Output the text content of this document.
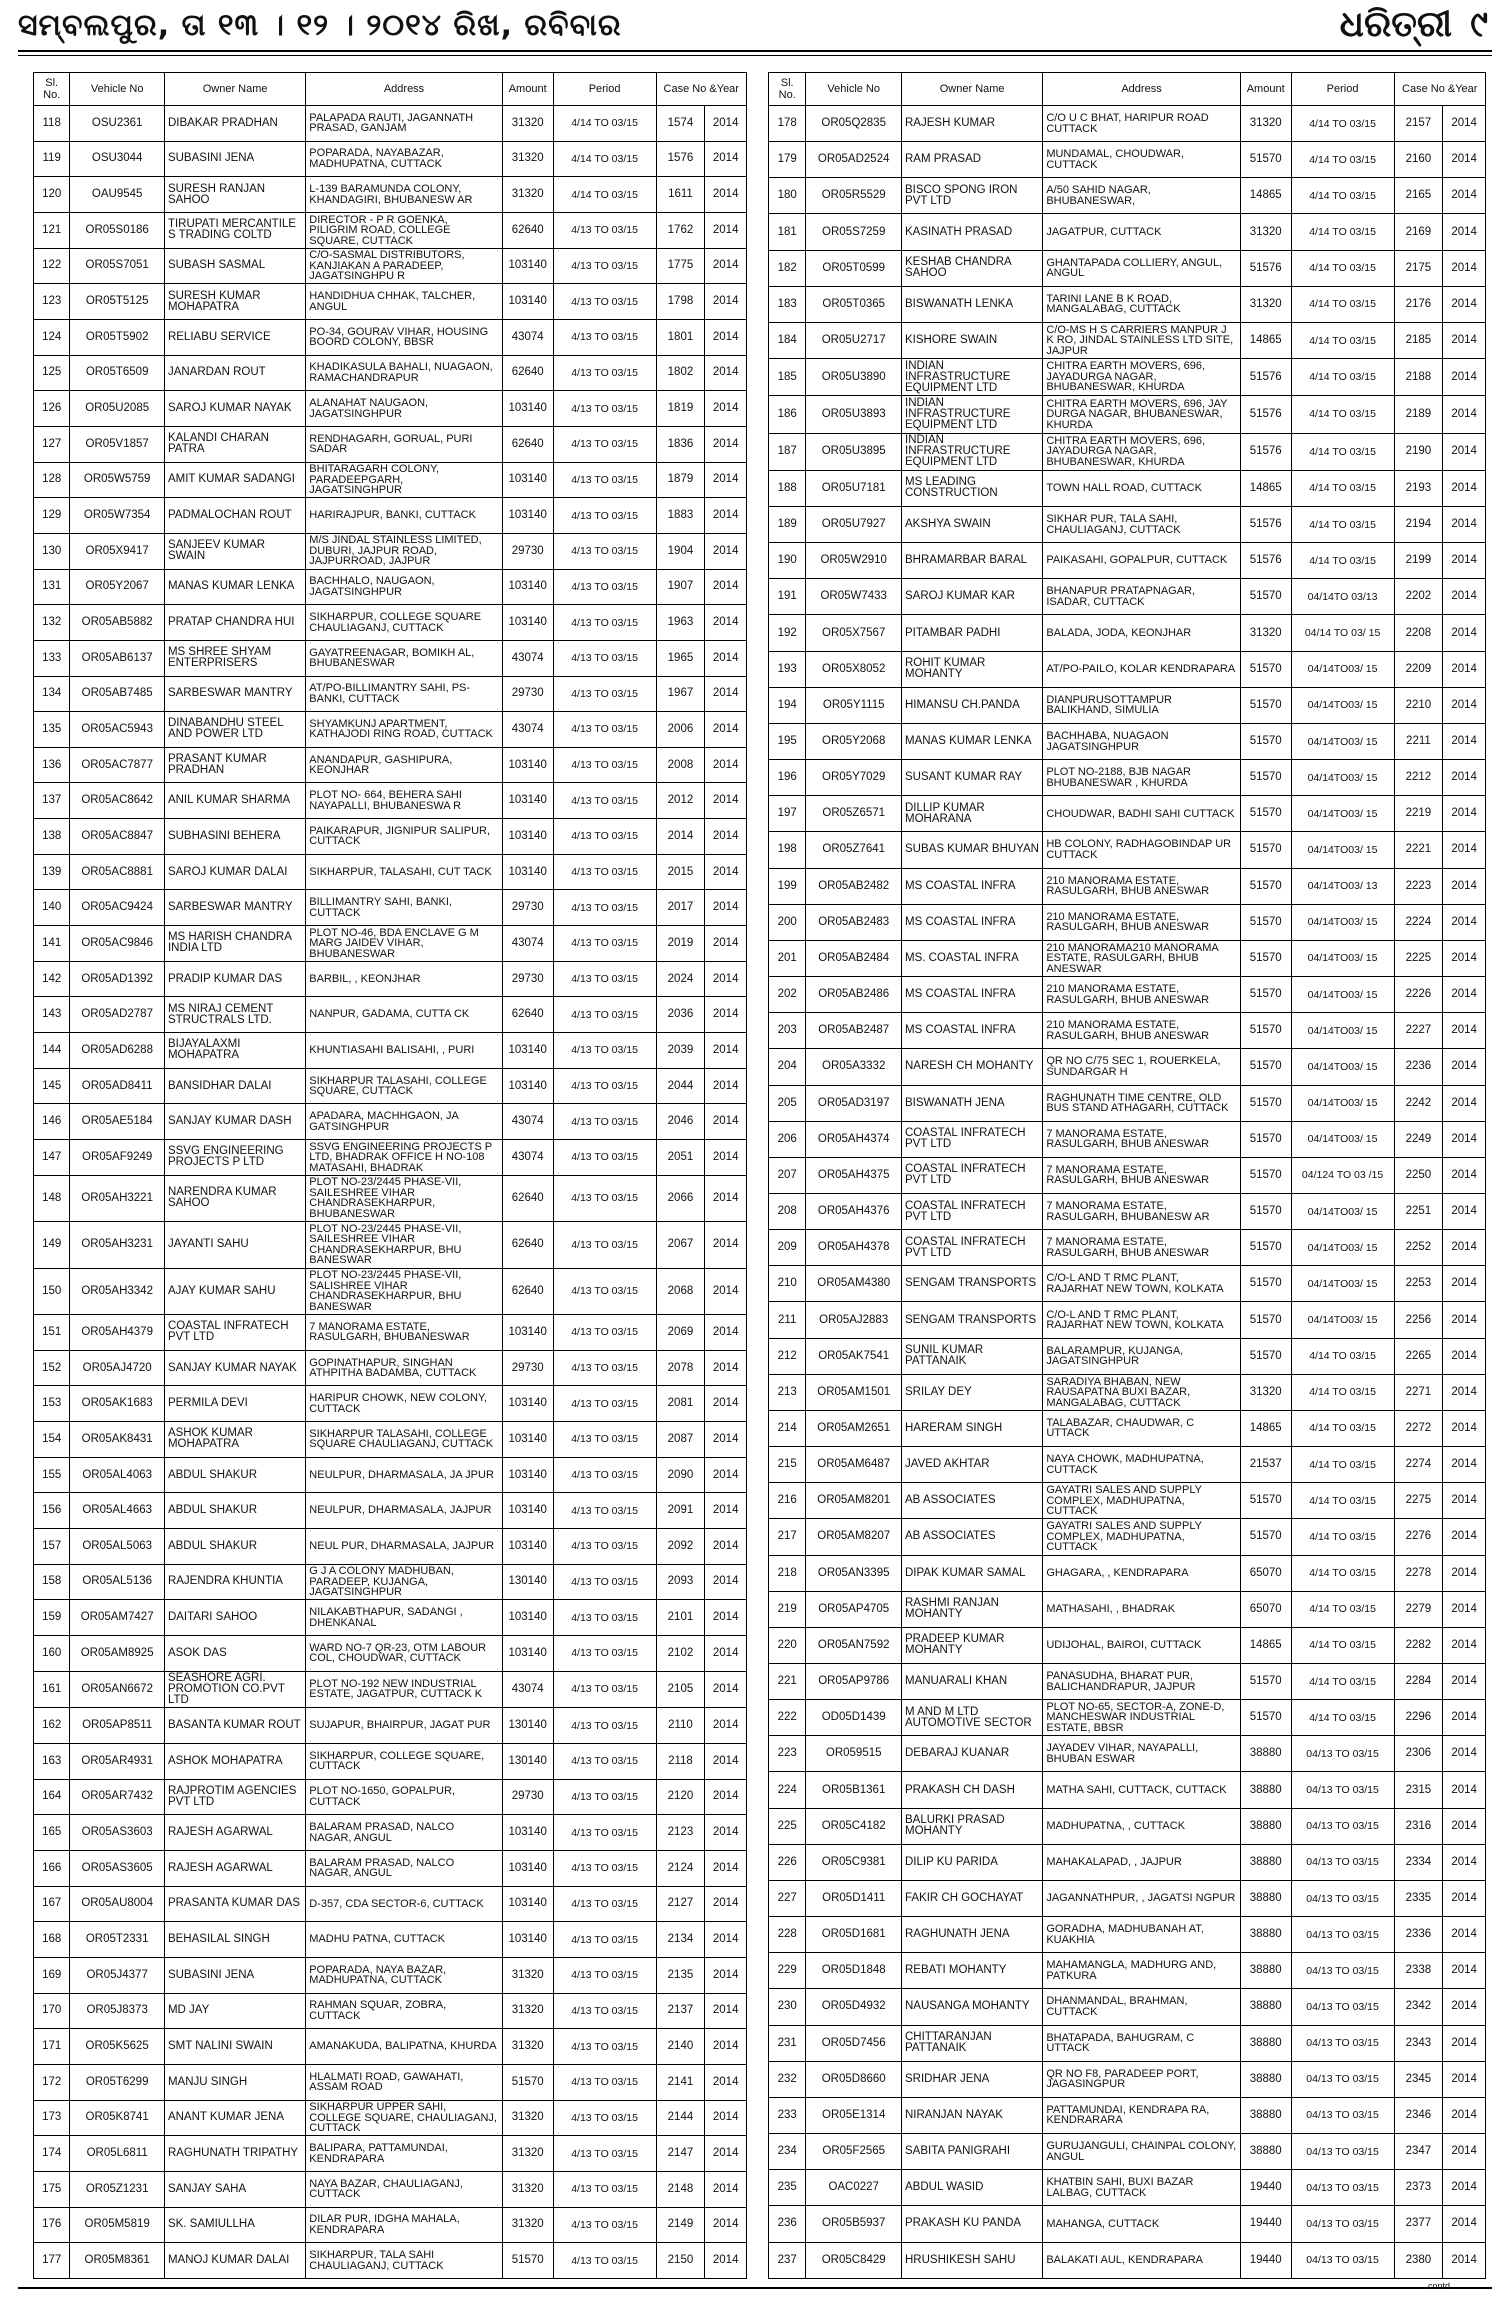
ସମ୍ବଲପୁର, ତା ୧୩ । ୧୨ । ୨୦୧୪ ରିଖ, ରବିବାର	ଧରିତ୍ରୀ ୯
Sl. No.	Vehicle No	Owner Name	Address	Amount	Period	Case No &Year	
118	OSU2361	DIBAKAR PRADHAN	PALAPADA RAUTI, JAGANNATH PRASAD, GANJAM	31320	4/14 TO 03/15	1574	2014
119	OSU3044	SUBASINI JENA	POPARADA, NAYABAZAR, MADHUPATNA, CUTTACK	31320	4/14 TO 03/15	1576	2014
120	OAU9545	SURESH RANJAN SAHOO	L-139 BARAMUNDA COLONY, KHANDAGIRI, BHUBANESW AR	31320	4/14 TO 03/15	1611	2014
121	OR05S0186	TIRUPATI MERCANTILE S TRADING COLTD	DIRECTOR - P R GOENKA, PILIGRIM ROAD, COLLEGE SQUARE, CUTTACK	62640	4/13 TO 03/15	1762	2014
122	OR05S7051	SUBASH SASMAL	C/O-SASMAL DISTRIBUTORS, KANJIAKAN A PARADEEP, JAGATSINGHPU R	103140	4/13 TO 03/15	1775	2014
123	OR05T5125	SURESH KUMAR MOHAPATRA	HANDIDHUA CHHAK, TALCHER, ANGUL	103140	4/13 TO 03/15	1798	2014
124	OR05T5902	RELIABU SERVICE	PO-34, GOURAV VIHAR, HOUSING BOORD COLONY, BBSR	43074	4/13 TO 03/15	1801	2014
125	OR05T6509	JANARDAN ROUT	KHADIKASULA BAHALI, NUAGAON, RAMACHANDRAPUR	62640	4/13 TO 03/15	1802	2014
126	OR05U2085	SAROJ KUMAR NAYAK	ALANAHAT NAUGAON, JAGATSINGHPUR	103140	4/13 TO 03/15	1819	2014
127	OR05V1857	KALANDI CHARAN PATRA	RENDHAGARH, GORUAL, PURI SADAR	62640	4/13 TO 03/15	1836	2014
128	OR05W5759	AMIT KUMAR SADANGI	BHITARAGARH COLONY, PARADEEPGARH, JAGATSINGHPUR	103140	4/13 TO 03/15	1879	2014
129	OR05W7354	PADMALOCHAN ROUT	HARIRAJPUR, BANKI, CUTTACK	103140	4/13 TO 03/15	1883	2014
130	OR05X9417	SANJEEV KUMAR SWAIN	M/S JINDAL STAINLESS LIMITED, DUBURI, JAJPUR ROAD, JAJPURROAD, JAJPUR	29730	4/13 TO 03/15	1904	2014
131	OR05Y2067	MANAS KUMAR LENKA	BACHHALO, NAUGAON, JAGATSINGHPUR	103140	4/13 TO 03/15	1907	2014
132	OR05AB5882	PRATAP CHANDRA HUI	SIKHARPUR, COLLEGE SQUARE CHAULIAGANJ, CUTTACK	103140	4/13 TO 03/15	1963	2014
133	OR05AB6137	MS SHREE SHYAM ENTERPRISERS	GAYATREENAGAR, BOMIKH AL, BHUBANESWAR	43074	4/13 TO 03/15	1965	2014
134	OR05AB7485	SARBESWAR MANTRY	AT/PO-BILLIMANTRY SAHI, PS-BANKI, CUTTACK	29730	4/13 TO 03/15	1967	2014
135	OR05AC5943	DINABANDHU STEEL AND POWER LTD	SHYAMKUNJ APARTMENT, KATHAJODI RING ROAD, CUTTACK	43074	4/13 TO 03/15	2006	2014
136	OR05AC7877	PRASANT KUMAR PRADHAN	ANANDAPUR, GASHIPURA, KEONJHAR	103140	4/13 TO 03/15	2008	2014
137	OR05AC8642	ANIL KUMAR SHARMA	PLOT NO- 664, BEHERA SAHI NAYAPALLI, BHUBANESWA R	103140	4/13 TO 03/15	2012	2014
138	OR05AC8847	SUBHASINI BEHERA	PAIKARAPUR, JIGNIPUR SALIPUR, CUTTACK	103140	4/13 TO 03/15	2014	2014
139	OR05AC8881	SAROJ KUMAR DALAI	SIKHARPUR, TALASAHI, CUT TACK	103140	4/13 TO 03/15	2015	2014
140	OR05AC9424	SARBESWAR MANTRY	BILLIMANTRY SAHI, BANKI, CUTTACK	29730	4/13 TO 03/15	2017	2014
141	OR05AC9846	MS HARISH CHANDRA INDIA LTD	PLOT NO-46, BDA ENCLAVE G M MARG JAIDEV VIHAR, BHUBANESWAR	43074	4/13 TO 03/15	2019	2014
142	OR05AD1392	PRADIP KUMAR DAS	BARBIL, , KEONJHAR	29730	4/13 TO 03/15	2024	2014
143	OR05AD2787	MS NIRAJ CEMENT STRUCTRALS LTD.	NANPUR, GADAMA, CUTTA CK	62640	4/13 TO 03/15	2036	2014
144	OR05AD6288	BIJAYALAXMI MOHAPATRA	KHUNTIASAHI BALISAHI, , PURI	103140	4/13 TO 03/15	2039	2014
145	OR05AD8411	BANSIDHAR DALAI	SIKHARPUR TALASAHI, COLLEGE SQUARE, CUTTACK	103140	4/13 TO 03/15	2044	2014
146	OR05AE5184	SANJAY KUMAR DASH	APADARA, MACHHGAON, JA GATSINGHPUR	43074	4/13 TO 03/15	2046	2014
147	OR05AF9249	SSVG ENGINEERING PROJECTS P LTD	SSVG ENGINEERING PROJECTS P LTD, BHADRAK OFFICE H NO-108 MATASAHI, BHADRAK	43074	4/13 TO 03/15	2051	2014
148	OR05AH3221	NARENDRA KUMAR SAHOO	PLOT NO-23/2445 PHASE-VII, SAILESHREE VIHAR CHANDRASEKHARPUR, BHUBANESWAR	62640	4/13 TO 03/15	2066	2014
149	OR05AH3231	JAYANTI SAHU	PLOT NO-23/2445 PHASE-VII, SAILESHREE VIHAR CHANDRASEKHARPUR, BHU BANESWAR	62640	4/13 TO 03/15	2067	2014
150	OR05AH3342	AJAY KUMAR SAHU	PLOT NO-23/2445 PHASE-VII, SALISHREE VIHAR CHANDRASEKHARPUR, BHU BANESWAR	62640	4/13 TO 03/15	2068	2014
151	OR05AH4379	COASTAL INFRATECH PVT LTD	7 MANORAMA ESTATE, RASULGARH, BHUBANESWAR	103140	4/13 TO 03/15	2069	2014
152	OR05AJ4720	SANJAY KUMAR NAYAK	GOPINATHAPUR, SINGHAN ATHPITHA BADAMBA, CUTTACK	29730	4/13 TO 03/15	2078	2014
153	OR05AK1683	PERMILA DEVI	HARIPUR CHOWK, NEW COLONY, CUTTACK	103140	4/13 TO 03/15	2081	2014
154	OR05AK8431	ASHOK KUMAR MOHAPATRA	SIKHARPUR TALASAHI, COLLEGE SQUARE CHAULIAGANJ, CUTTACK	103140	4/13 TO 03/15	2087	2014
155	OR05AL4063	ABDUL SHAKUR	NEULPUR, DHARMASALA, JA JPUR	103140	4/13 TO 03/15	2090	2014
156	OR05AL4663	ABDUL SHAKUR	NEULPUR, DHARMASALA, JAJPUR	103140	4/13 TO 03/15	2091	2014
157	OR05AL5063	ABDUL SHAKUR	NEUL PUR, DHARMASALA, JAJPUR	103140	4/13 TO 03/15	2092	2014
158	OR05AL5136	RAJENDRA KHUNTIA	G J A COLONY MADHUBAN, PARADEEP, KUJANGA, JAGATSINGHPUR	130140	4/13 TO 03/15	2093	2014
159	OR05AM7427	DAITARI SAHOO	NILAKABTHAPUR, SADANGI , DHENKANAL	103140	4/13 TO 03/15	2101	2014
160	OR05AM8925	ASOK DAS	WARD NO-7 QR-23, OTM LABOUR COL, CHOUDWAR, CUTTACK	103140	4/13 TO 03/15	2102	2014
161	OR05AN6672	SEASHORE AGRI. PROMOTION CO.PVT LTD	PLOT NO-192 NEW INDUSTRIAL ESTATE, JAGATPUR, CUTTACK K	43074	4/13 TO 03/15	2105	2014
162	OR05AP8511	BASANTA KUMAR ROUT	SUJAPUR, BHAIRPUR, JAGAT PUR	130140	4/13 TO 03/15	2110	2014
163	OR05AR4931	ASHOK MOHAPATRA	SIKHARPUR, COLLEGE SQUARE, CUTTACK	130140	4/13 TO 03/15	2118	2014
164	OR05AR7432	RAJPROTIM AGENCIES PVT LTD	PLOT NO-1650, GOPALPUR, CUTTACK	29730	4/13 TO 03/15	2120	2014
165	OR05AS3603	RAJESH AGARWAL	BALARAM PRASAD, NALCO NAGAR, ANGUL	103140	4/13 TO 03/15	2123	2014
166	OR05AS3605	RAJESH AGARWAL	BALARAM PRASAD, NALCO NAGAR, ANGUL	103140	4/13 TO 03/15	2124	2014
167	OR05AU8004	PRASANTA KUMAR DAS	D-357, CDA SECTOR-6, CUTTACK	103140	4/13 TO 03/15	2127	2014
168	OR05T2331	BEHASILAL SINGH	MADHU PATNA, CUTTACK	103140	4/13 TO 03/15	2134	2014
169	OR05J4377	SUBASINI JENA	POPARADA, NAYA BAZAR, MADHUPATNA, CUTTACK	31320	4/13 TO 03/15	2135	2014
170	OR05J8373	MD JAY	RAHMAN SQUAR, ZOBRA, CUTTACK	31320	4/13 TO 03/15	2137	2014
171	OR05K5625	SMT NALINI SWAIN	AMANAKUDA, BALIPATNA, KHURDA	31320	4/13 TO 03/15	2140	2014
172	OR05T6299	MANJU SINGH	HLALMATI ROAD, GAWAHATI, ASSAM ROAD	51570	4/13 TO 03/15	2141	2014
173	OR05K8741	ANANT KUMAR JENA	SIKHARPUR UPPER SAHI, COLLEGE SQUARE, CHAULIAGANJ, CUTTACK	31320	4/13 TO 03/15	2144	2014
174	OR05L6811	RAGHUNATH TRIPATHY	BALIPARA, PATTAMUNDAI, KENDRAPARA	31320	4/13 TO 03/15	2147	2014
175	OR05Z1231	SANJAY SAHA	NAYA BAZAR, CHAULIAGANJ, CUTTACK	31320	4/13 TO 03/15	2148	2014
176	OR05M5819	SK. SAMIULLHA	DILAR PUR, IDGHA MAHALA, KENDRAPARA	31320	4/13 TO 03/15	2149	2014
177	OR05M8361	MANOJ KUMAR DALAI	SIKHARPUR, TALA SAHI CHAULIAGANJ, CUTTACK	51570	4/13 TO 03/15	2150	2014
Sl. No.	Vehicle No	Owner Name	Address	Amount	Period	Case No &Year	
178	OR05Q2835	RAJESH KUMAR	C/O U C BHAT, HARIPUR ROAD CUTTACK	31320	4/14 TO 03/15	2157	2014
179	OR05AD2524	RAM PRASAD	MUNDAMAL, CHOUDWAR, CUTTACK	51570	4/14 TO 03/15	2160	2014
180	OR05R5529	BISCO SPONG IRON PVT LTD	A/50 SAHID NAGAR, BHUBANESWAR,	14865	4/14 TO 03/15	2165	2014
181	OR05S7259	KASINATH PRASAD	JAGATPUR, CUTTACK	31320	4/14 TO 03/15	2169	2014
182	OR05T0599	KESHAB CHANDRA SAHOO	GHANTAPADA COLLIERY, ANGUL, ANGUL	51576	4/14 TO 03/15	2175	2014
183	OR05T0365	BISWANATH LENKA	TARINI LANE B K ROAD, MANGALABAG, CUTTACK	31320	4/14 TO 03/15	2176	2014
184	OR05U2717	KISHORE SWAIN	C/O-MS H S CARRIERS MANPUR J K RO, JINDAL STAINLESS LTD SITE, JAJPUR	14865	4/14 TO 03/15	2185	2014
185	OR05U3890	INDIAN INFRASTRUCTURE EQUIPMENT LTD	CHITRA EARTH MOVERS, 696, JAYADURGA NAGAR, BHUBANESWAR, KHURDA	51576	4/14 TO 03/15	2188	2014
186	OR05U3893	INDIAN INFRASTRUCTURE EQUIPMENT LTD	CHITRA EARTH MOVERS, 696, JAY DURGA NAGAR, BHUBANESWAR, KHURDA	51576	4/14 TO 03/15	2189	2014
187	OR05U3895	INDIAN INFRASTRUCTURE EQUIPMENT LTD	CHITRA EARTH MOVERS, 696, JAYADURGA NAGAR, BHUBANESWAR, KHURDA	51576	4/14 TO 03/15	2190	2014
188	OR05U7181	MS LEADING CONSTRUCTION	TOWN HALL ROAD, CUTTACK	14865	4/14 TO 03/15	2193	2014
189	OR05U7927	AKSHYA SWAIN	SIKHAR PUR, TALA SAHI, CHAULIAGANJ, CUTTACK	51576	4/14 TO 03/15	2194	2014
190	OR05W2910	BHRAMARBAR BARAL	PAIKASAHI, GOPALPUR, CUTTACK	51576	4/14 TO 03/15	2199	2014
191	OR05W7433	SAROJ KUMAR KAR	BHANAPUR PRATAPNAGAR, ISADAR, CUTTACK	51570	04/14TO 03/13	2202	2014
192	OR05X7567	PITAMBAR PADHI	BALADA, JODA, KEONJHAR	31320	04/14 TO 03/ 15	2208	2014
193	OR05X8052	ROHIT KUMAR MOHANTY	AT/PO-PAILO, KOLAR KENDRAPARA	51570	04/14TO03/ 15	2209	2014
194	OR05Y1115	HIMANSU CH.PANDA	DIANPURUSOTTAMPUR BALIKHAND, SIMULIA	51570	04/14TO03/ 15	2210	2014
195	OR05Y2068	MANAS KUMAR LENKA	BACHHABA, NUAGAON JAGATSINGHPUR	51570	04/14TO03/ 15	2211	2014
196	OR05Y7029	SUSANT KUMAR RAY	PLOT NO-2188, BJB NAGAR BHUBANESWAR , KHURDA	51570	04/14TO03/ 15	2212	2014
197	OR05Z6571	DILLIP KUMAR MOHARANA	CHOUDWAR, BADHI SAHI CUTTACK	51570	04/14TO03/ 15	2219	2014
198	OR05Z7641	SUBAS KUMAR BHUYAN	HB COLONY, RADHAGOBINDAP UR CUTTACK	51570	04/14TO03/ 15	2221	2014
199	OR05AB2482	MS COASTAL INFRA	210 MANORAMA ESTATE, RASULGARH, BHUB ANESWAR	51570	04/14TO03/ 13	2223	2014
200	OR05AB2483	MS COASTAL INFRA	210 MANORAMA ESTATE, RASULGARH, BHUB ANESWAR	51570	04/14TO03/ 15	2224	2014
201	OR05AB2484	MS. COASTAL INFRA	210 MANORAMA210 MANORAMA ESTATE, RASULGARH, BHUB ANESWAR	51570	04/14TO03/ 15	2225	2014
202	OR05AB2486	MS COASTAL INFRA	210 MANORAMA ESTATE, RASULGARH, BHUB ANESWAR	51570	04/14TO03/ 15	2226	2014
203	OR05AB2487	MS COASTAL INFRA	210 MANORAMA ESTATE, RASULGARH, BHUB ANESWAR	51570	04/14TO03/ 15	2227	2014
204	OR05A3332	NARESH CH MOHANTY	QR NO C/75 SEC 1, ROUERKELA, SUNDARGAR H	51570	04/14TO03/ 15	2236	2014
205	OR05AD3197	BISWANATH JENA	RAGHUNATH TIME CENTRE, OLD BUS STAND ATHAGARH, CUTTACK	51570	04/14TO03/ 15	2242	2014
206	OR05AH4374	COASTAL INFRATECH PVT LTD	7 MANORAMA ESTATE, RASULGARH, BHUB ANESWAR	51570	04/14TO03/ 15	2249	2014
207	OR05AH4375	COASTAL INFRATECH PVT LTD	7 MANORAMA ESTATE, RASULGARH, BHUB ANESWAR	51570	04/124 TO 03 /15	2250	2014
208	OR05AH4376	COASTAL INFRATECH PVT LTD	7 MANORAMA ESTATE, RASULGARH, BHUBANESW AR	51570	04/14TO03/ 15	2251	2014
209	OR05AH4378	COASTAL INFRATECH PVT LTD	7 MANORAMA ESTATE, RASULGARH, BHUB ANESWAR	51570	04/14TO03/ 15	2252	2014
210	OR05AM4380	SENGAM TRANSPORTS	C/O-L AND T RMC PLANT, RAJARHAT NEW TOWN, KOLKATA	51570	04/14TO03/ 15	2253	2014
211	OR05AJ2883	SENGAM TRANSPORTS	C/O-L AND T RMC PLANT, RAJARHAT NEW TOWN, KOLKATA	51570	04/14TO03/ 15	2256	2014
212	OR05AK7541	SUNIL KUMAR PATTANAIK	BALARAMPUR, KUJANGA, JAGATSINGHPUR	51570	4/14 TO 03/15	2265	2014
213	OR05AM1501	SRILAY DEY	SARADIYA BHABAN, NEW RAUSAPATNA BUXI BAZAR, MANGALABAG, CUTTACK	31320	4/14 TO 03/15	2271	2014
214	OR05AM2651	HARERAM SINGH	TALABAZAR, CHAUDWAR, C UTTACK	14865	4/14 TO 03/15	2272	2014
215	OR05AM6487	JAVED AKHTAR	NAYA CHOWK, MADHUPATNA, CUTTACK	21537	4/14 TO 03/15	2274	2014
216	OR05AM8201	AB ASSOCIATES	GAYATRI SALES AND SUPPLY COMPLEX, MADHUPATNA, CUTTACK	51570	4/14 TO 03/15	2275	2014
217	OR05AM8207	AB ASSOCIATES	GAYATRI SALES AND SUPPLY COMPLEX, MADHUPATNA, CUTTACK	51570	4/14 TO 03/15	2276	2014
218	OR05AN3395	DIPAK KUMAR SAMAL	GHAGARA, , KENDRAPARA	65070	4/14 TO 03/15	2278	2014
219	OR05AP4705	RASHMI RANJAN MOHANTY	MATHASAHI, , BHADRAK	65070	4/14 TO 03/15	2279	2014
220	OR05AN7592	PRADEEP KUMAR MOHANTY	UDIJOHAL, BAIROI, CUTTACK	14865	4/14 TO 03/15	2282	2014
221	OR05AP9786	MANUARALI KHAN	PANASUDHA, BHARAT PUR, BALICHANDRAPUR, JAJPUR	51570	4/14 TO 03/15	2284	2014
222	OD05D1439	M AND M LTD AUTOMOTIVE SECTOR	PLOT NO-65, SECTOR-A, ZONE-D, MANCHESWAR INDUSTRIAL ESTATE, BBSR	51570	4/14 TO 03/15	2296	2014
223	OR059515	DEBARAJ KUANAR	JAYADEV VIHAR, NAYAPALLI, BHUBAN ESWAR	38880	04/13 TO 03/15	2306	2014
224	OR05B1361	PRAKASH CH DASH	MATHA SAHI, CUTTACK, CUTTACK	38880	04/13 TO 03/15	2315	2014
225	OR05C4182	BALURKI PRASAD MOHANTY	MADHUPATNA, , CUTTACK	38880	04/13 TO 03/15	2316	2014
226	OR05C9381	DILIP KU PARIDA	MAHAKALAPAD, , JAJPUR	38880	04/13 TO 03/15	2334	2014
227	OR05D1411	FAKIR CH GOCHAYAT	JAGANNATHPUR, , JAGATSI NGPUR	38880	04/13 TO 03/15	2335	2014
228	OR05D1681	RAGHUNATH JENA	GORADHA, MADHUBANAH AT, KUAKHIA	38880	04/13 TO 03/15	2336	2014
229	OR05D1848	REBATI MOHANTY	MAHAMANGLA, MADHURG AND, PATKURA	38880	04/13 TO 03/15	2338	2014
230	OR05D4932	NAUSANGA MOHANTY	DHANMANDAL, BRAHMAN, CUTTACK	38880	04/13 TO 03/15	2342	2014
231	OR05D7456	CHITTARANJAN PATTANAIK	BHATAPADA, BAHUGRAM, C UTTACK	38880	04/13 TO 03/15	2343	2014
232	OR05D8660	SRIDHAR JENA	QR NO F8, PARADEEP PORT, JAGASINGPUR	38880	04/13 TO 03/15	2345	2014
233	OR05E1314	NIRANJAN NAYAK	PATTAMUNDAI, KENDRAPA RA, KENDRARARA	38880	04/13 TO 03/15	2346	2014
234	OR05F2565	SABITA PANIGRAHI	GURUJANGULI, CHAINPAL COLONY, ANGUL	38880	04/13 TO 03/15	2347	2014
235	OAC0227	ABDUL WASID	KHATBIN SAHI, BUXI BAZAR LALBAG, CUTTACK	19440	04/13 TO 03/15	2373	2014
236	OR05B5937	PRAKASH KU PANDA	MAHANGA, CUTTACK	19440	04/13 TO 03/15	2377	2014
237	OR05C8429	HRUSHIKESH SAHU	BALAKATI AUL, KENDRAPARA	19440	04/13 TO 03/15	2380	2014
contd
